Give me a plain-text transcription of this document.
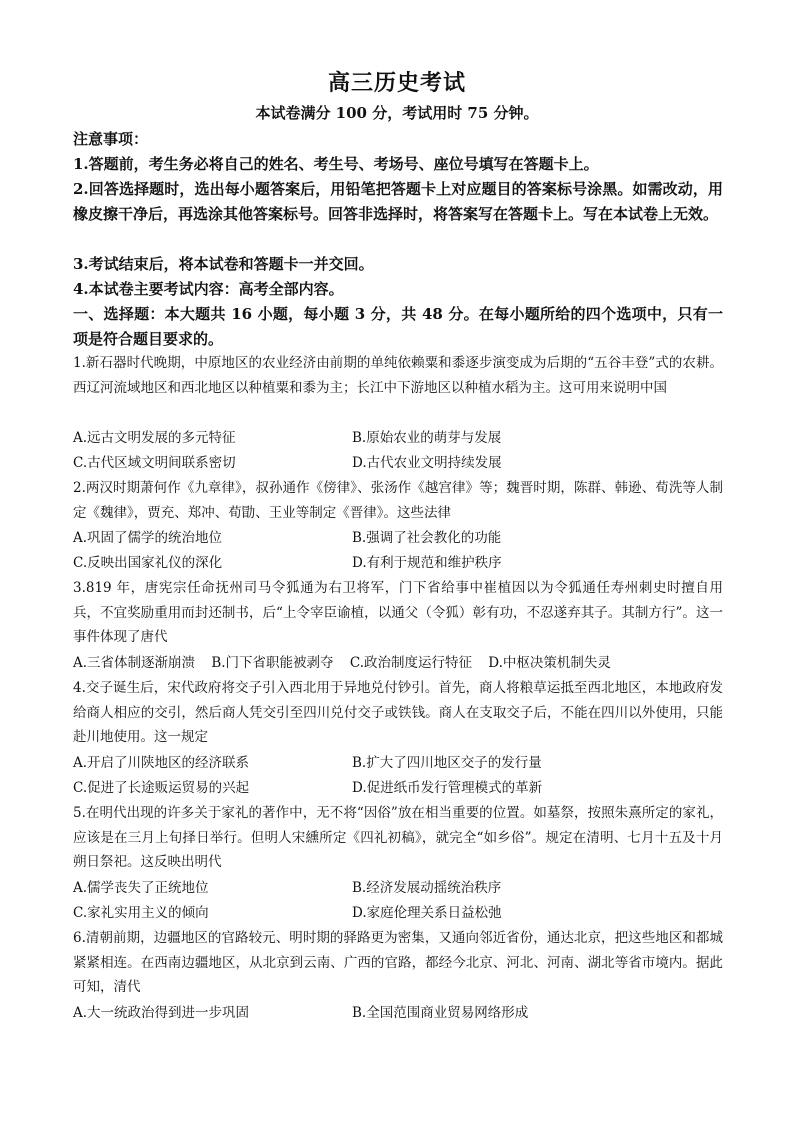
高三历史考试
本试卷满分 100 分，考试用时 75 分钟。
注意事项：
1.答题前，考生务必将自己的姓名、考生号、考场号、座位号填写在答题卡上。
2.回答选择题时，选出每小题答案后，用铅笔把答题卡上对应题目的答案标号涂黑。如需改动，用橡皮擦干净后，再选涂其他答案标号。回答非选择时，将答案写在答题卡上。写在本试卷上无效。
3.考试结束后，将本试卷和答题卡一并交回。
4.本试卷主要考试内容：高考全部内容。
一、选择题：本大题共 16 小题，每小题 3 分，共 48 分。在每小题所给的四个选项中，只有一项是符合题目要求的。
1.新石器时代晚期，中原地区的农业经济由前期的单纯依赖粟和黍逐步演变成为后期的“五谷丰登”式的农耕。西辽河流域地区和西北地区以种植粟和黍为主；长江中下游地区以种植水稻为主。这可用来说明中国
A.远古文明发展的多元特征	B.原始农业的萌芽与发展
C.古代区域文明间联系密切	D.古代农业文明持续发展
2.两汉时期萧何作《九章律》，叔孙通作《傍律》、张汤作《越宫律》等；魏晋时期，陈群、韩逊、荀洗等人制定《魏律》，贾充、郑冲、荀勖、王业等制定《晋律》。这些法律
A.巩固了儒学的统治地位	B.强调了社会教化的功能
C.反映出国家礼仪的深化	D.有利于规范和维护秩序
3.819 年，唐宪宗任命抚州司马令狐通为右卫将军，门下省给事中崔植因以为令狐通任寿州刺史时擅自用兵，不宜奖励重用而封还制书，后“上令宰臣谕植，以通父（令狐）彰有功，不忍遂弃其子。其制方行”。这一事件体现了唐代
A.三省体制逐渐崩溃 B.门下省职能被剥夺 C.政治制度运行特征 D.中枢决策机制失灵
4.交子诞生后，宋代政府将交子引入西北用于异地兑付钞引。首先，商人将粮草运抵至西北地区，本地政府发给商人相应的交引，然后商人凭交引至四川兑付交子或铁钱。商人在支取交子后，不能在四川以外使用，只能赴川地使用。这一规定
A.开启了川陕地区的经济联系	B.扩大了四川地区交子的发行量
C.促进了长途贩运贸易的兴起	D.促进纸币发行管理模式的革新
5.在明代出现的许多关于家礼的著作中，无不将“因俗”放在相当重要的位置。如墓祭，按照朱熹所定的家礼，应该是在三月上旬择日举行。但明人宋纁所定《四礼初稿》，就完全“如乡俗”。规定在清明、七月十五及十月朔日祭祀。这反映出明代
A.儒学丧失了正统地位	B.经济发展动摇统治秩序
C.家礼实用主义的倾向	D.家庭伦理关系日益松弛
6.清朝前期，边疆地区的官路较元、明时期的驿路更为密集，又通向邻近省份，通达北京，把这些地区和都城紧紧相连。在西南边疆地区，从北京到云南、广西的官路，都经今北京、河北、河南、湖北等省市境内。据此可知，清代
A.大一统政治得到进一步巩固	B.全国范围商业贸易网络形成
